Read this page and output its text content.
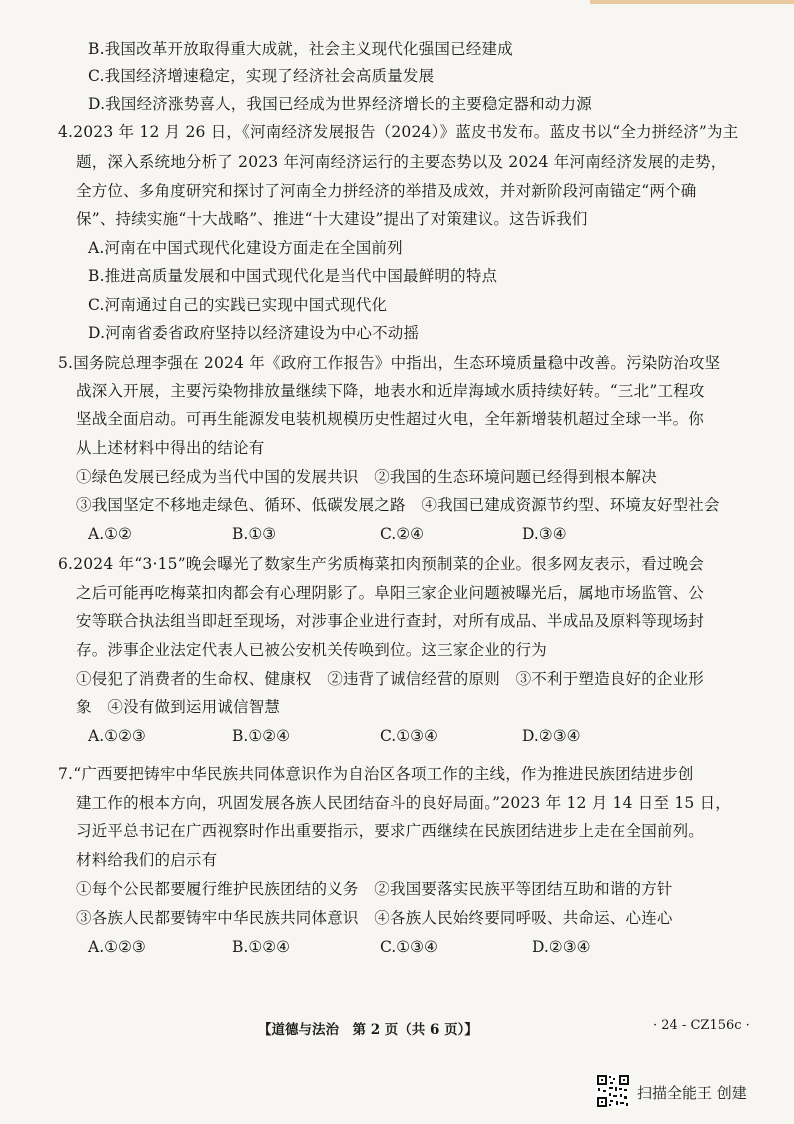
B.我国改革开放取得重大成就，社会主义现代化强国已经建成
C.我国经济增速稳定，实现了经济社会高质量发展
D.我国经济涨势喜人，我国已经成为世界经济增长的主要稳定器和动力源
4.2023 年 12 月 26 日，《河南经济发展报告（2024）》蓝皮书发布。蓝皮书以“全力拼经济”为主
题，深入系统地分析了 2023 年河南经济运行的主要态势以及 2024 年河南经济发展的走势，
全方位、多角度研究和探讨了河南全力拼经济的举措及成效，并对新阶段河南锚定“两个确
保”、持续实施“十大战略”、推进“十大建设”提出了对策建议。这告诉我们
A.河南在中国式现代化建设方面走在全国前列
B.推进高质量发展和中国式现代化是当代中国最鲜明的特点
C.河南通过自己的实践已实现中国式现代化
D.河南省委省政府坚持以经济建设为中心不动摇
5.国务院总理李强在 2024 年《政府工作报告》中指出，生态环境质量稳中改善。污染防治攻坚
战深入开展，主要污染物排放量继续下降，地表水和近岸海域水质持续好转。“三北”工程攻
坚战全面启动。可再生能源发电装机规模历史性超过火电，全年新增装机超过全球一半。你
从上述材料中得出的结论有
①绿色发展已经成为当代中国的发展共识　②我国的生态环境问题已经得到根本解决
③我国坚定不移地走绿色、循环、低碳发展之路　④我国已建成资源节约型、环境友好型社会
A.①②	B.①③	C.②④	D.③④
6.2024 年“3·15”晚会曝光了数家生产劣质梅菜扣肉预制菜的企业。很多网友表示，看过晚会
之后可能再吃梅菜扣肉都会有心理阴影了。阜阳三家企业问题被曝光后，属地市场监管、公
安等联合执法组当即赶至现场，对涉事企业进行查封，对所有成品、半成品及原料等现场封
存。涉事企业法定代表人已被公安机关传唤到位。这三家企业的行为
①侵犯了消费者的生命权、健康权　②违背了诚信经营的原则　③不利于塑造良好的企业形
象　④没有做到运用诚信智慧
A.①②③	B.①②④	C.①③④	D.②③④
7.“广西要把铸牢中华民族共同体意识作为自治区各项工作的主线，作为推进民族团结进步创
建工作的根本方向，巩固发展各族人民团结奋斗的良好局面。”2023 年 12 月 14 日至 15 日，
习近平总书记在广西视察时作出重要指示，要求广西继续在民族团结进步上走在全国前列。
材料给我们的启示有
①每个公民都要履行维护民族团结的义务　②我国要落实民族平等团结互助和谐的方针
③各族人民都要铸牢中华民族共同体意识　④各族人民始终要同呼吸、共命运、心连心
A.①②③	B.①②④	C.①③④	D.②③④
【道德与法治　第 2 页（共 6 页）】	· 24 - CZ156c ·
扫描全能王 创建
